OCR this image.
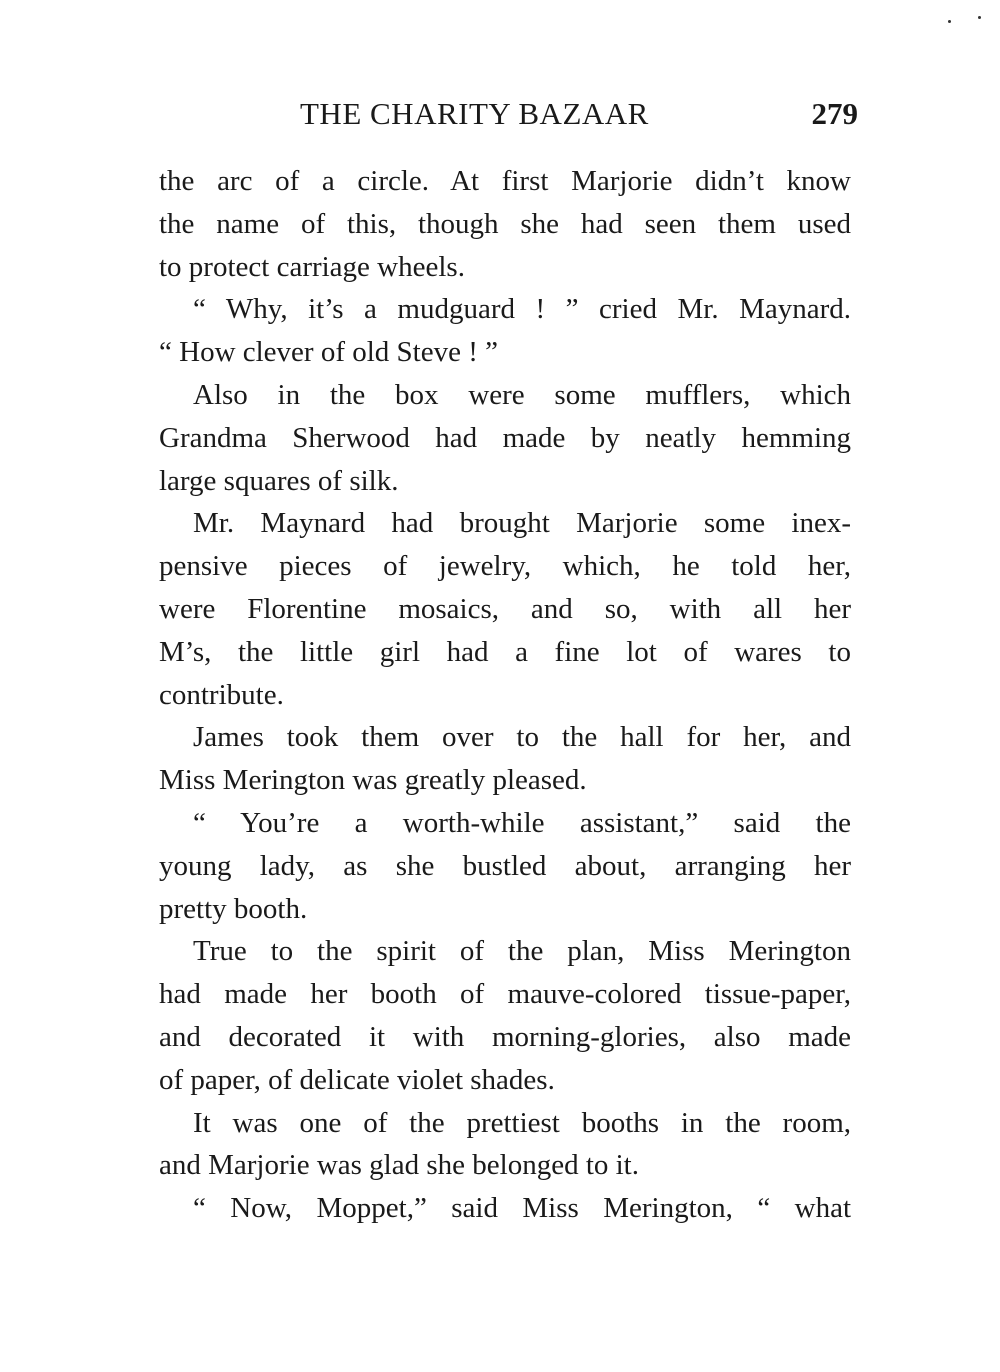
THE CHARITY BAZAAR	279
the arc of a circle. At first Marjorie didn’t know
the name of this, though she had seen them used
to protect carriage wheels.
“ Why, it’s a mudguard ! ” cried Mr. Maynard.
“ How clever of old Steve ! ”
Also in the box were some mufflers, which
Grandma Sherwood had made by neatly hemming
large squares of silk.
Mr. Maynard had brought Marjorie some inex-
pensive pieces of jewelry, which, he told her,
were Florentine mosaics, and so, with all her
M’s, the little girl had a fine lot of wares to
contribute.
James took them over to the hall for her, and
Miss Merington was greatly pleased.
“ You’re a worth-while assistant,” said the
young lady, as she bustled about, arranging her
pretty booth.
True to the spirit of the plan, Miss Merington
had made her booth of mauve-colored tissue-paper,
and decorated it with morning-glories, also made
of paper, of delicate violet shades.
It was one of the prettiest booths in the room,
and Marjorie was glad she belonged to it.
“ Now, Moppet,” said Miss Merington, “ what
